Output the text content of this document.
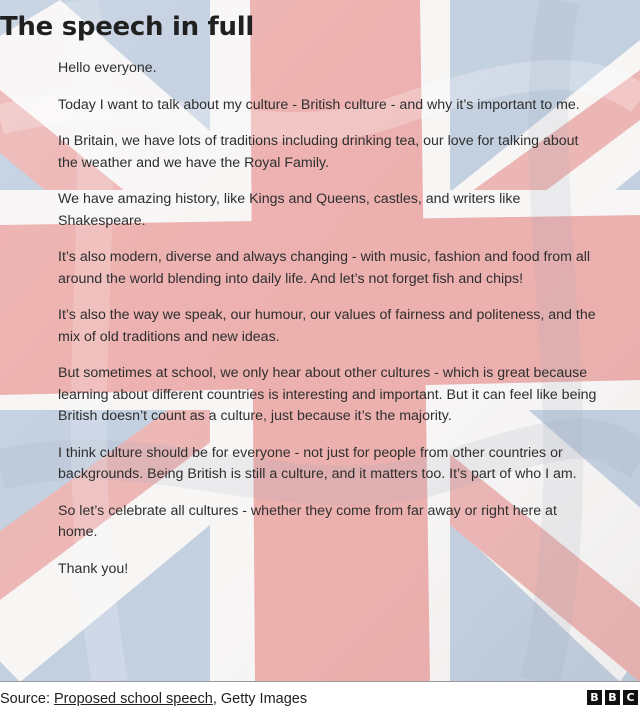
The speech in full

Hello everyone.

Today I want to talk about my culture - British culture - and why it’s important to me.

In Britain, we have lots of traditions including drinking tea, our love for talking about the weather and we have the Royal Family.

We have amazing history, like Kings and Queens, castles, and writers like Shakespeare.

It’s also modern, diverse and always changing - with music, fashion and food from all around the world blending into daily life. And let’s not forget fish and chips!

It’s also the way we speak, our humour, our values of fairness and politeness, and the mix of old traditions and new ideas.

But sometimes at school, we only hear about other cultures - which is great because learning about different countries is interesting and important. But it can feel like being British doesn’t count as a culture, just because it’s the majority.

I think culture should be for everyone - not just for people from other countries or backgrounds. Being British is still a culture, and it matters too. It’s part of who I am.

So let’s celebrate all cultures - whether they come from far away or right here at home.

Thank you!

Source: Proposed school speech, Getty Images	B B C
